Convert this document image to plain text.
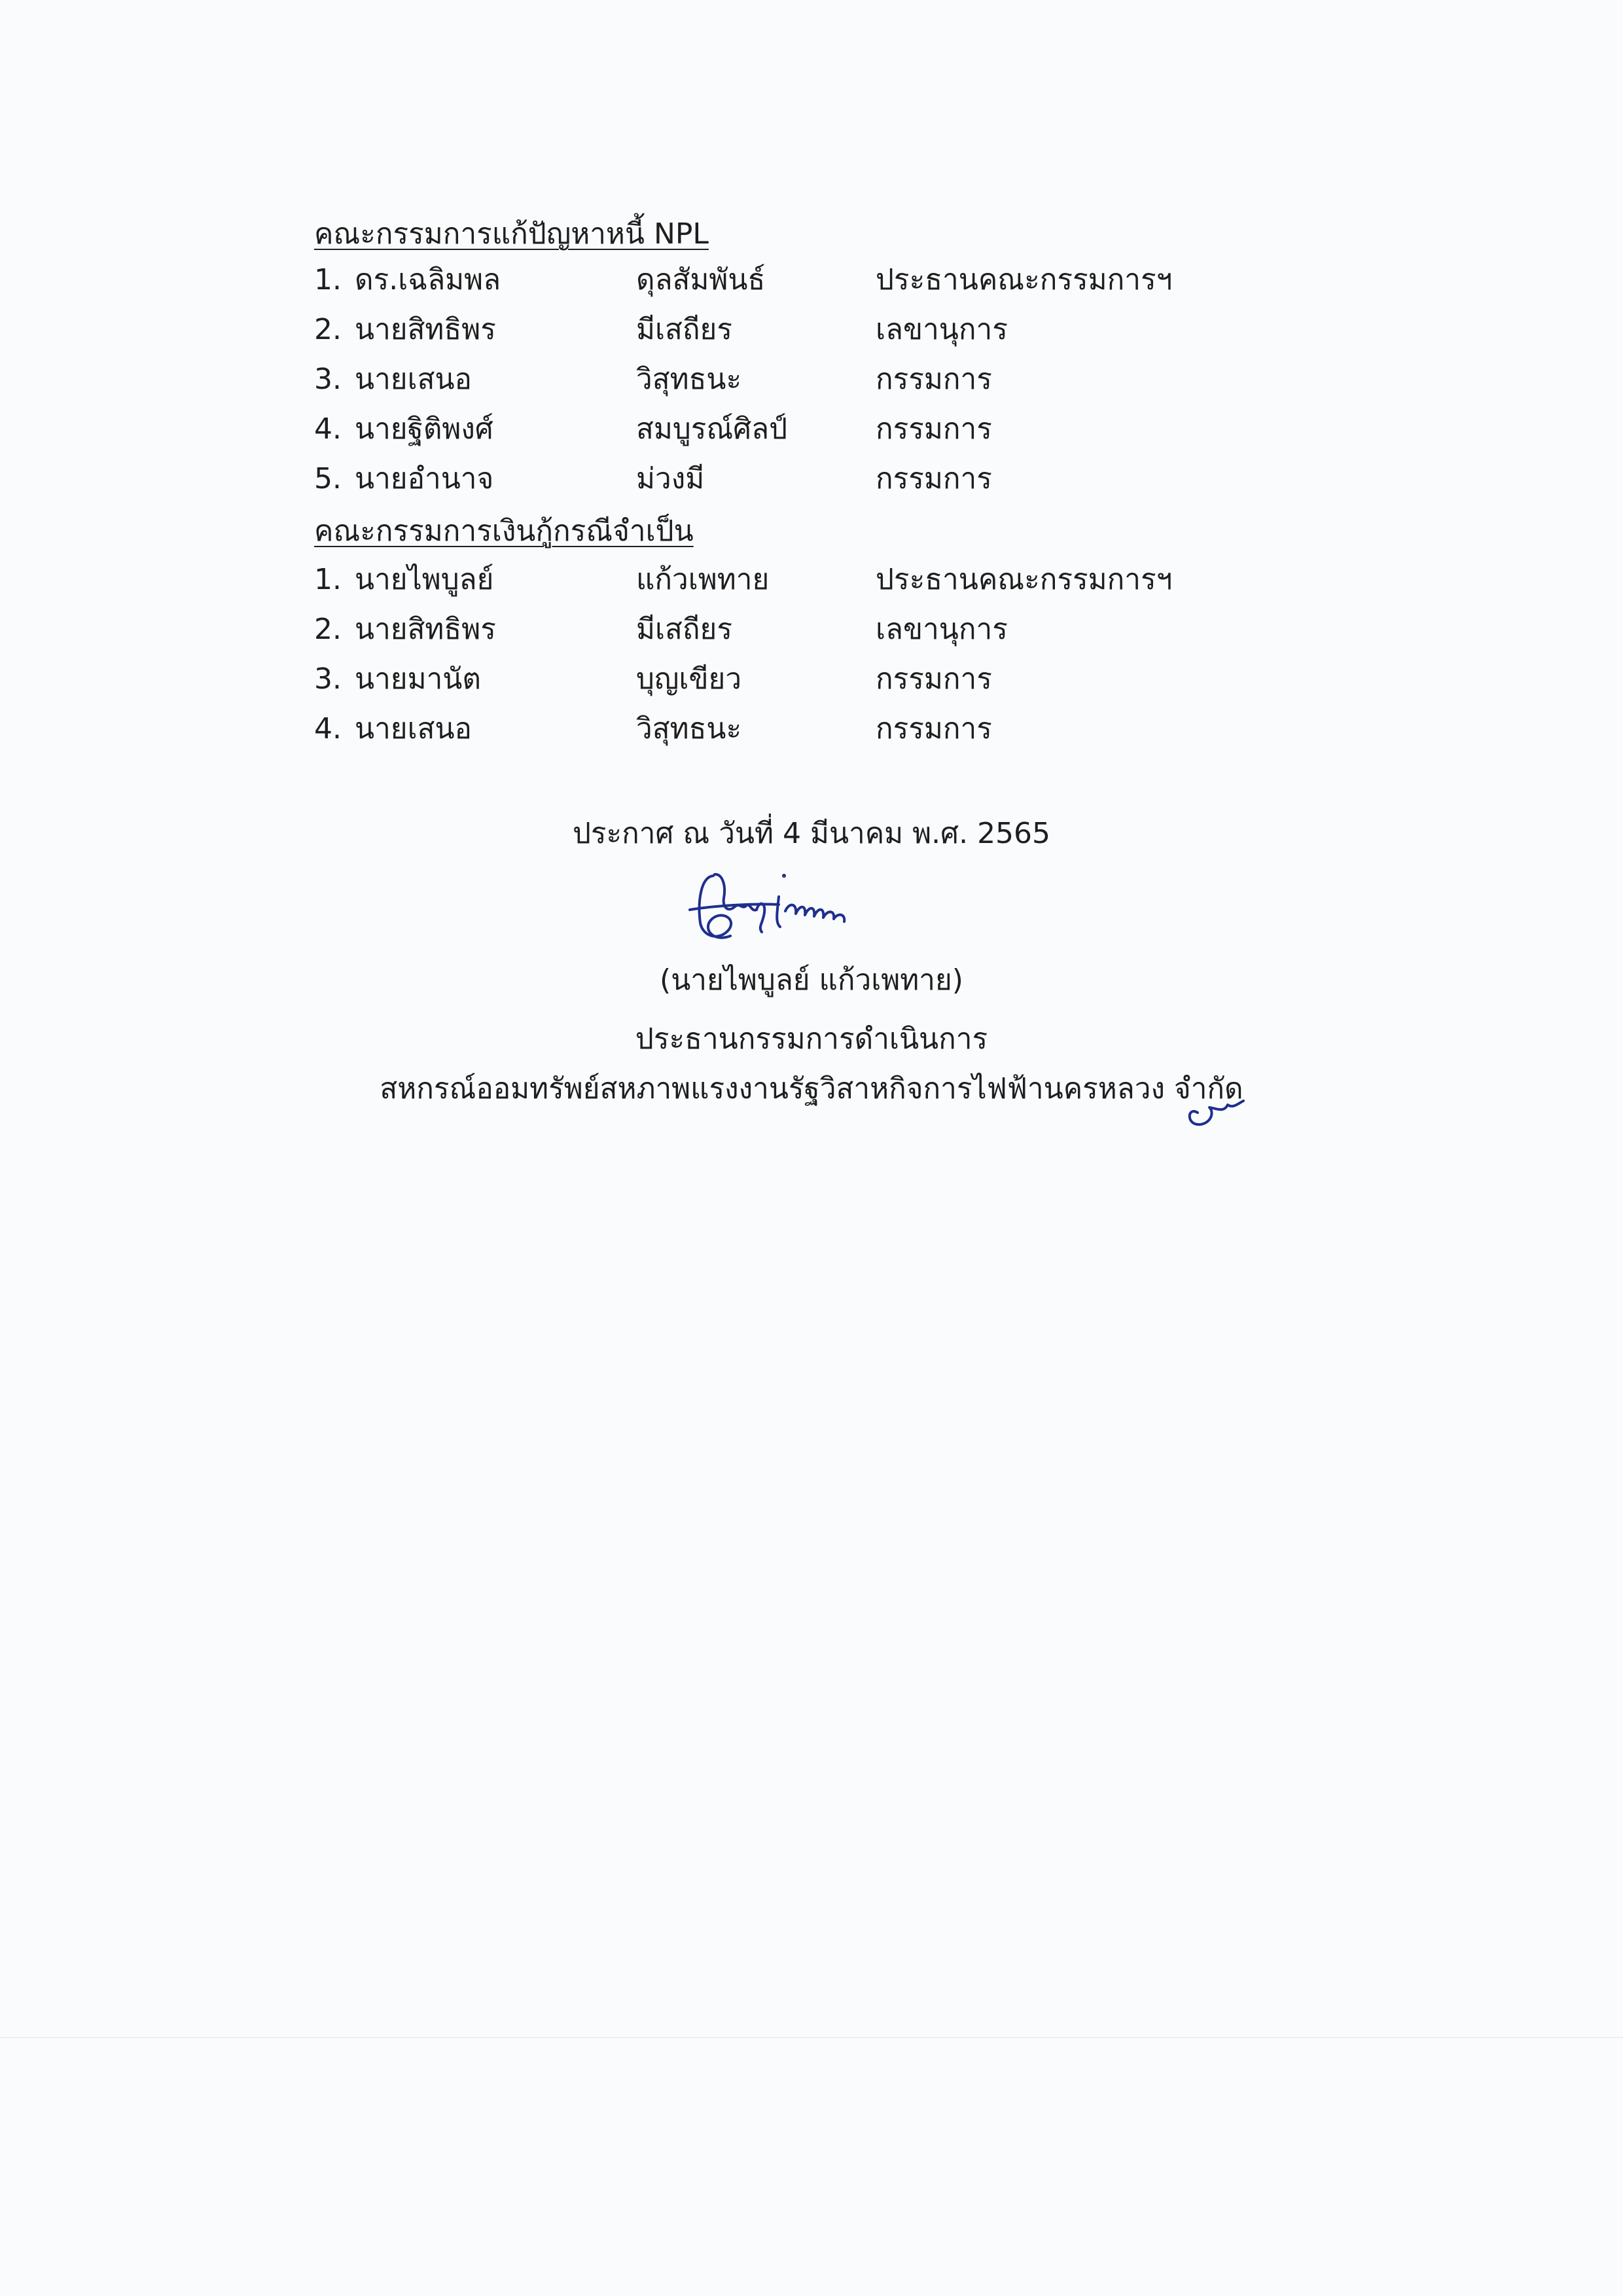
คณะกรรมการแก้ปัญหาหนี้ NPL
1. ดร.เฉลิมพล	ดุลสัมพันธ์	ประธานคณะกรรมการฯ
2. นายสิทธิพร	มีเสถียร	เลขานุการ
3. นายเสนอ	วิสุทธนะ	กรรมการ
4. นายฐิติพงศ์	สมบูรณ์ศิลป์	กรรมการ
5. นายอำนาจ	ม่วงมี	กรรมการ
คณะกรรมการเงินกู้กรณีจำเป็น
1. นายไพบูลย์	แก้วเพทาย	ประธานคณะกรรมการฯ
2. นายสิทธิพร	มีเสถียร	เลขานุการ
3. นายมานัต	บุญเขียว	กรรมการ
4. นายเสนอ	วิสุทธนะ	กรรมการ
ประกาศ ณ วันที่ 4 มีนาคม พ.ศ. 2565
(นายไพบูลย์ แก้วเพทาย)
ประธานกรรมการดำเนินการ
สหกรณ์ออมทรัพย์สหภาพแรงงานรัฐวิสาหกิจการไฟฟ้านครหลวง จำกัด
